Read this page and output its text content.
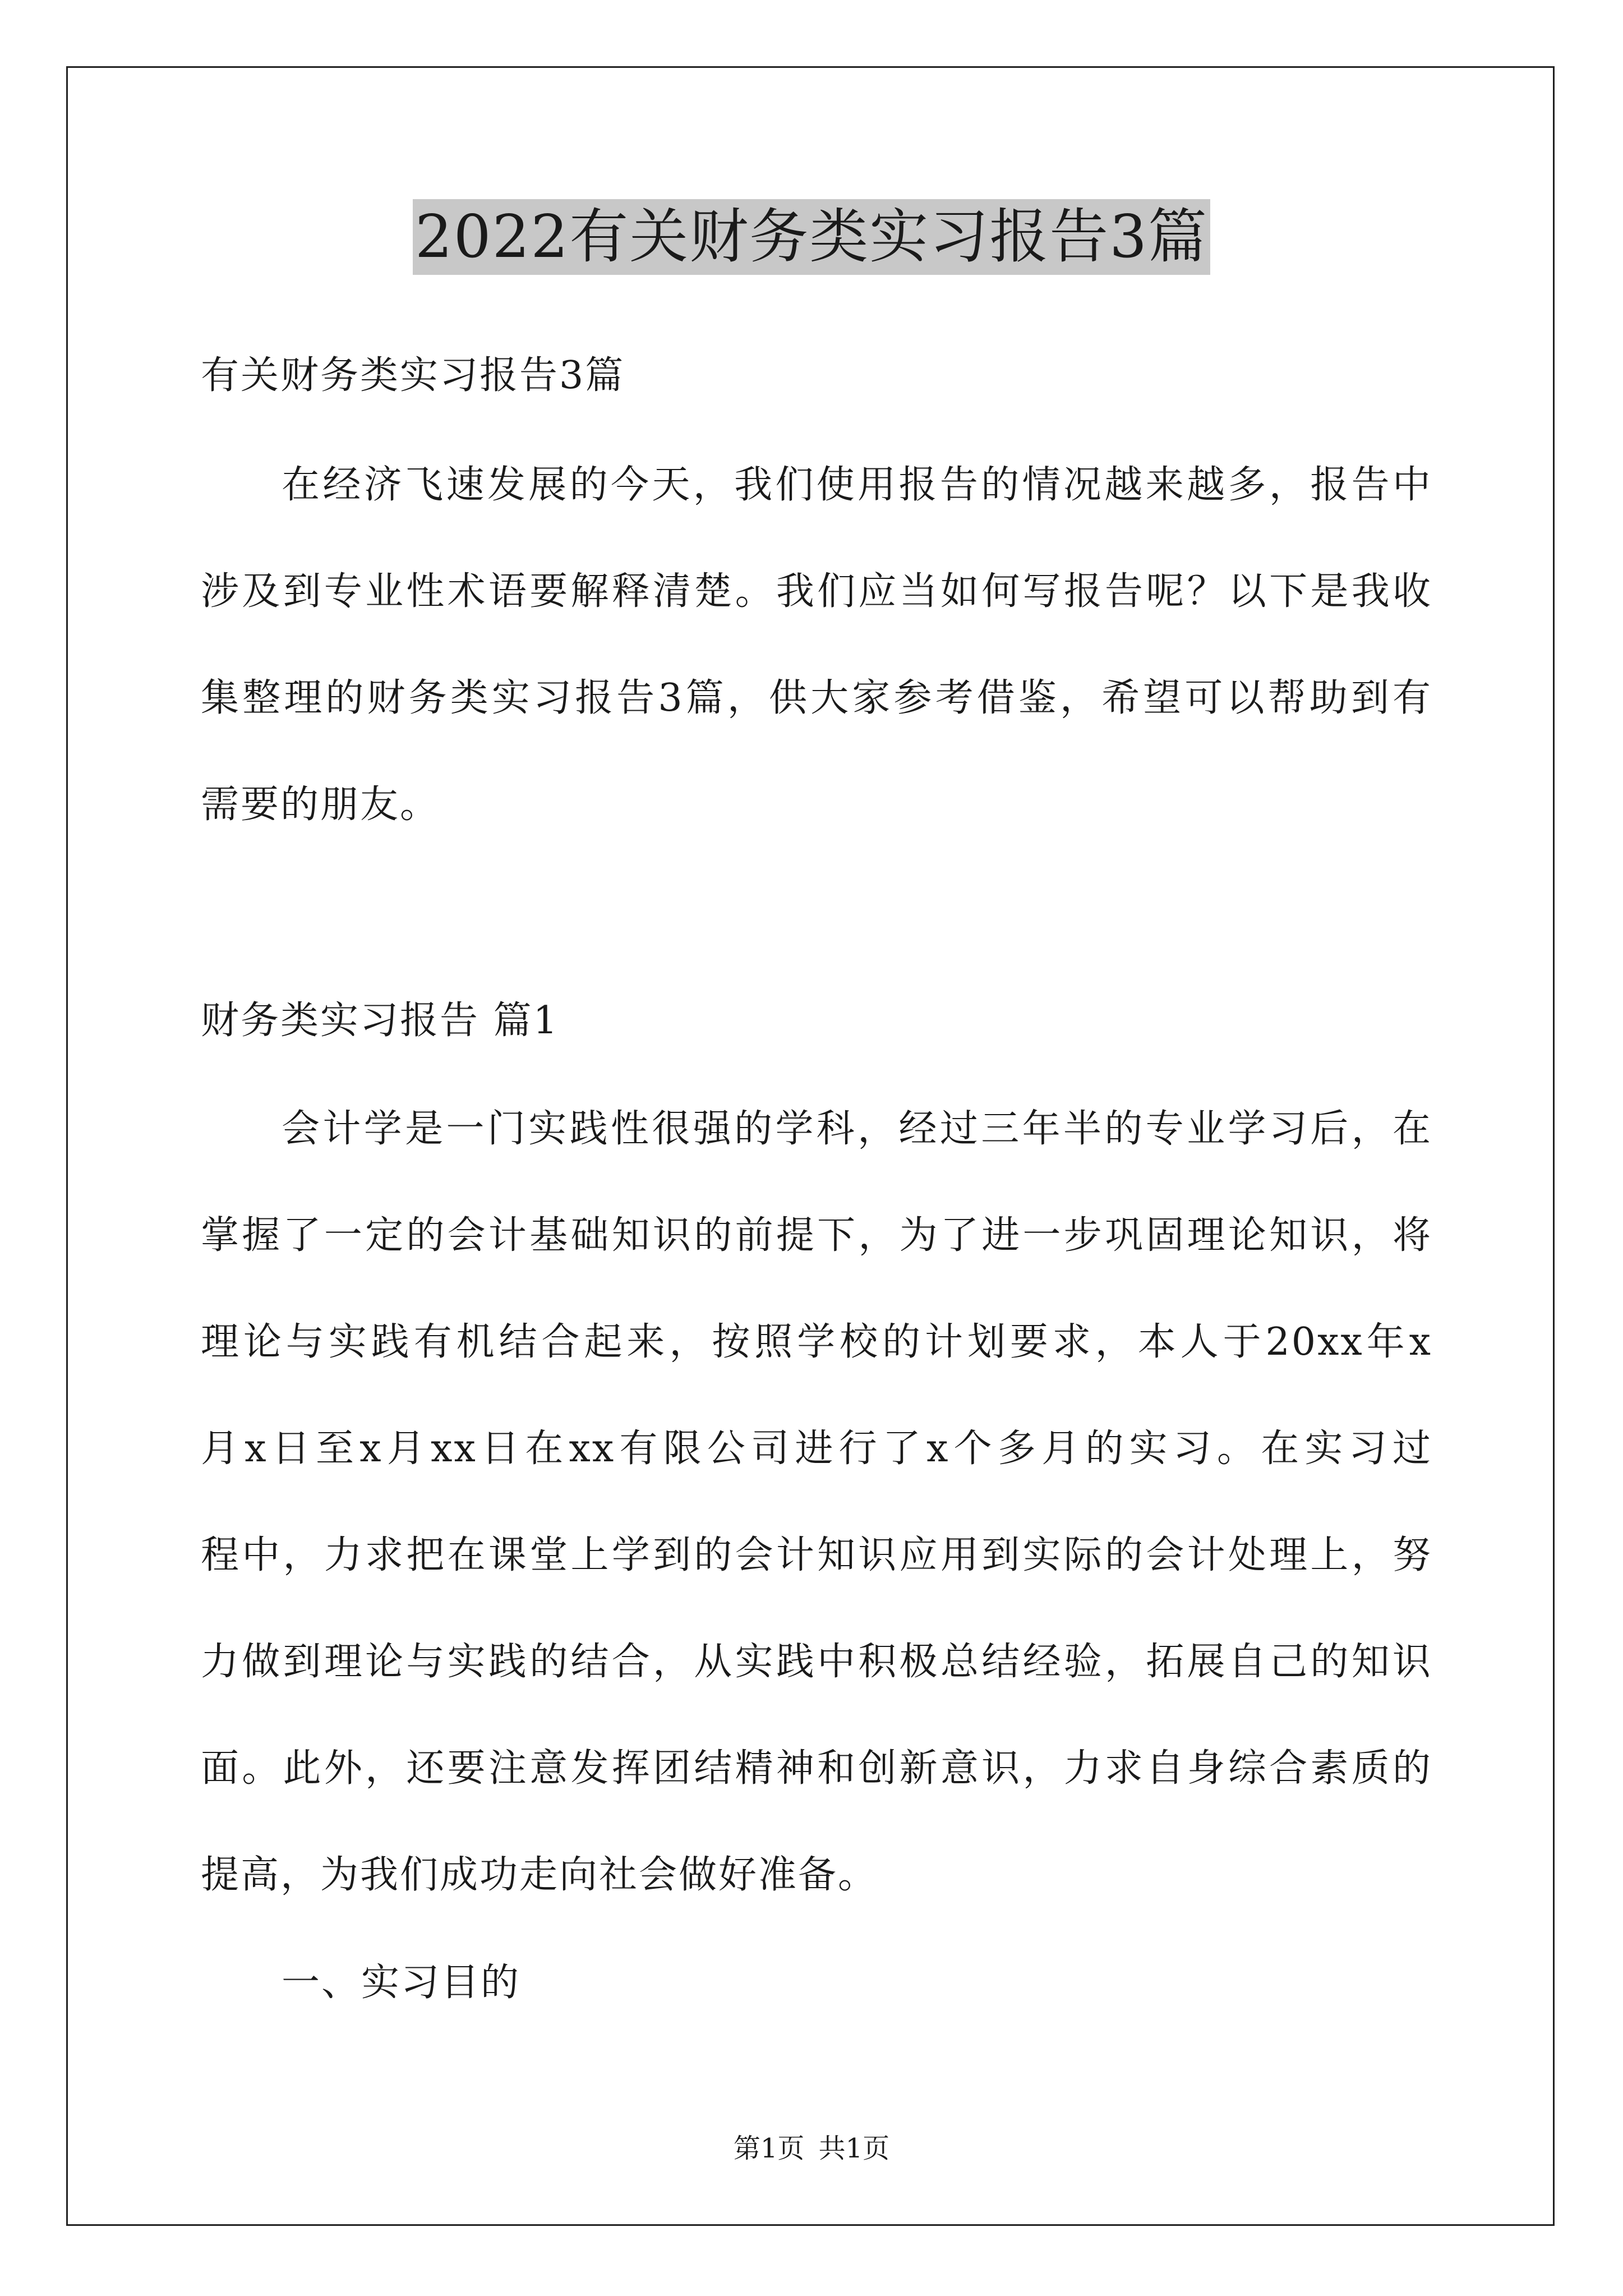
2022有关财务类实习报告3篇
有关财务类实习报告3篇
在经济飞速发展的今天，我们使用报告的情况越来越多，报告中
涉及到专业性术语要解释清楚。我们应当如何写报告呢？以下是我收
集整理的财务类实习报告3篇，供大家参考借鉴，希望可以帮助到有
需要的朋友。
财务类实习报告 篇1
会计学是一门实践性很强的学科，经过三年半的专业学习后，在
掌握了一定的会计基础知识的前提下，为了进一步巩固理论知识，将
理论与实践有机结合起来，按照学校的计划要求，本人于20xx年x
月x日至x月xx日在xx有限公司进行了x个多月的实习。在实习过
程中，力求把在课堂上学到的会计知识应用到实际的会计处理上，努
力做到理论与实践的结合，从实践中积极总结经验，拓展自己的知识
面。此外，还要注意发挥团结精神和创新意识，力求自身综合素质的
提高，为我们成功走向社会做好准备。
一、实习目的
第1页 共1页
